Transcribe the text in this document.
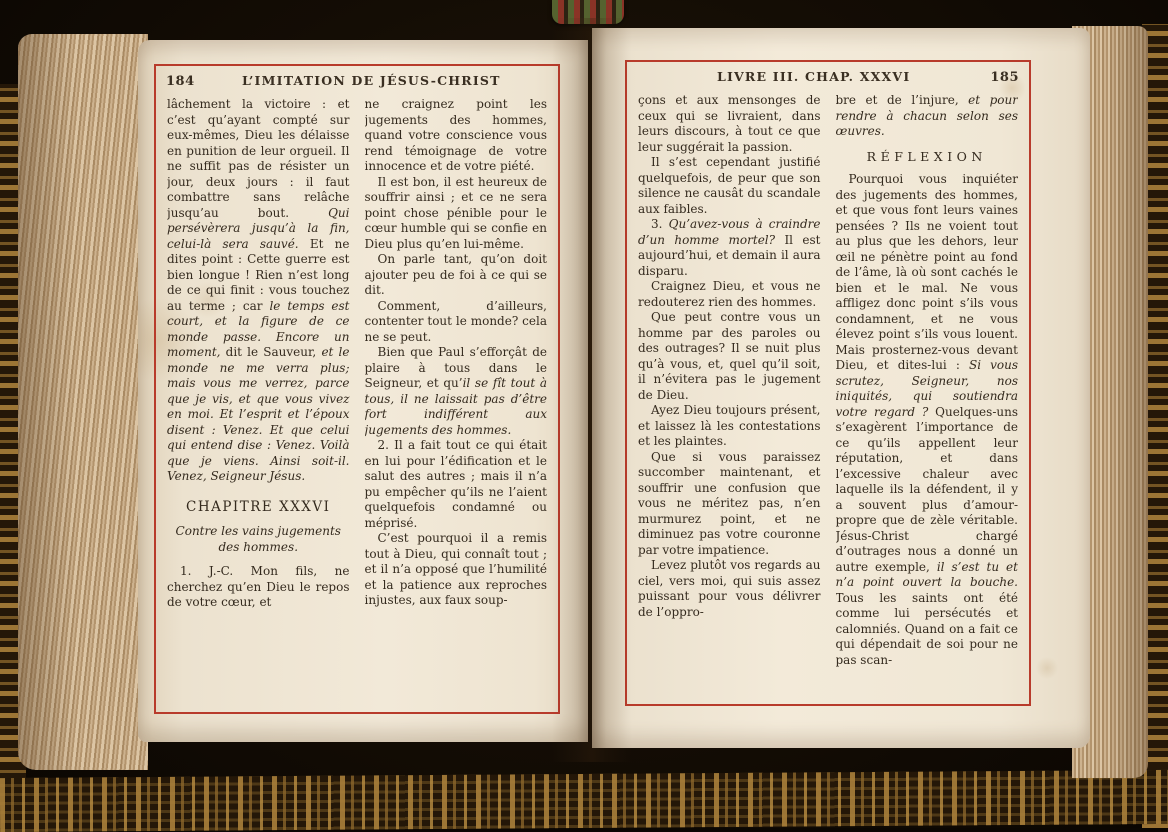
184	L’IMITATION DE JÉSUS-CHRIST

lâchement la victoire : et c’est qu’ayant compté sur eux-mêmes, Dieu les délaisse en punition de leur orgueil. Il ne suffit pas de résister un jour, deux jours : il faut combattre sans relâche jusqu’au bout. Qui persévèrera jusqu’à la fin, celui-là sera sauvé. Et ne dites point : Cette guerre est bien longue ! Rien n’est long de ce qui finit : vous touchez au terme ; car le temps est court, et la figure de ce monde passe. Encore un moment, dit le Sauveur, et le monde ne me verra plus; mais vous me verrez, parce que je vis, et que vous vivez en moi. Et l’esprit et l’époux disent : Venez. Et que celui qui entend dise : Venez. Voilà que je viens. Ainsi soit-il. Venez, Seigneur Jésus.

CHAPITRE XXXVI
Contre les vains jugements des hommes.

1. J.-C. Mon fils, ne cherchez qu’en Dieu le repos de votre cœur, et

ne craignez point les jugements des hommes, quand votre conscience vous rend témoignage de votre innocence et de votre piété.

Il est bon, il est heureux de souffrir ainsi ; et ce ne sera point chose pénible pour le cœur humble qui se confie en Dieu plus qu’en lui-même.

On parle tant, qu’on doit ajouter peu de foi à ce qui se dit.

Comment, d’ailleurs, contenter tout le monde? cela ne se peut.

Bien que Paul s’efforçât de plaire à tous dans le Seigneur, et qu’il se fît tout à tous, il ne laissait pas d’être fort indifférent aux jugements des hommes.

2. Il a fait tout ce qui était en lui pour l’édification et le salut des autres ; mais il n’a pu empêcher qu’ils ne l’aient quelquefois condamné ou méprisé.

C’est pourquoi il a remis tout à Dieu, qui connaît tout ; et il n’a opposé que l’humilité et la patience aux reproches injustes, aux faux soup-

LIVRE III. CHAP. XXXVI	185

çons et aux mensonges de ceux qui se livraient, dans leurs discours, à tout ce que leur suggérait la passion.

Il s’est cependant justifié quelquefois, de peur que son silence ne causât du scandale aux faibles.

3. Qu’avez-vous à craindre d’un homme mortel? Il est aujourd’hui, et demain il aura disparu.

Craignez Dieu, et vous ne redouterez rien des hommes.

Que peut contre vous un homme par des paroles ou des outrages? Il se nuit plus qu’à vous, et, quel qu’il soit, il n’évitera pas le jugement de Dieu.

Ayez Dieu toujours présent, et laissez là les contestations et les plaintes.

Que si vous paraissez succomber maintenant, et souffrir une confusion que vous ne méritez pas, n’en murmurez point, et ne diminuez pas votre couronne par votre impatience.

Levez plutôt vos regards au ciel, vers moi, qui suis assez puissant pour vous délivrer de l’oppro-

bre et de l’injure, et pour rendre à chacun selon ses œuvres.

RÉFLEXION

Pourquoi vous inquiéter des jugements des hommes, et que vous font leurs vaines pensées ? Ils ne voient tout au plus que les dehors, leur œil ne pénètre point au fond de l’âme, là où sont cachés le bien et le mal. Ne vous affligez donc point s’ils vous condamnent, et ne vous élevez point s’ils vous louent. Mais prosternez-vous devant Dieu, et dites-lui : Si vous scrutez, Seigneur, nos iniquités, qui soutiendra votre regard ? Quelques-uns s’exagèrent l’importance de ce qu’ils appellent leur réputation, et dans l’excessive chaleur avec laquelle ils la défendent, il y a souvent plus d’amour-propre que de zèle véritable. Jésus-Christ chargé d’outrages nous a donné un autre exemple, il s’est tu et n’a point ouvert la bouche. Tous les saints ont été comme lui persécutés et calomniés. Quand on a fait ce qui dépendait de soi pour ne pas scan-
